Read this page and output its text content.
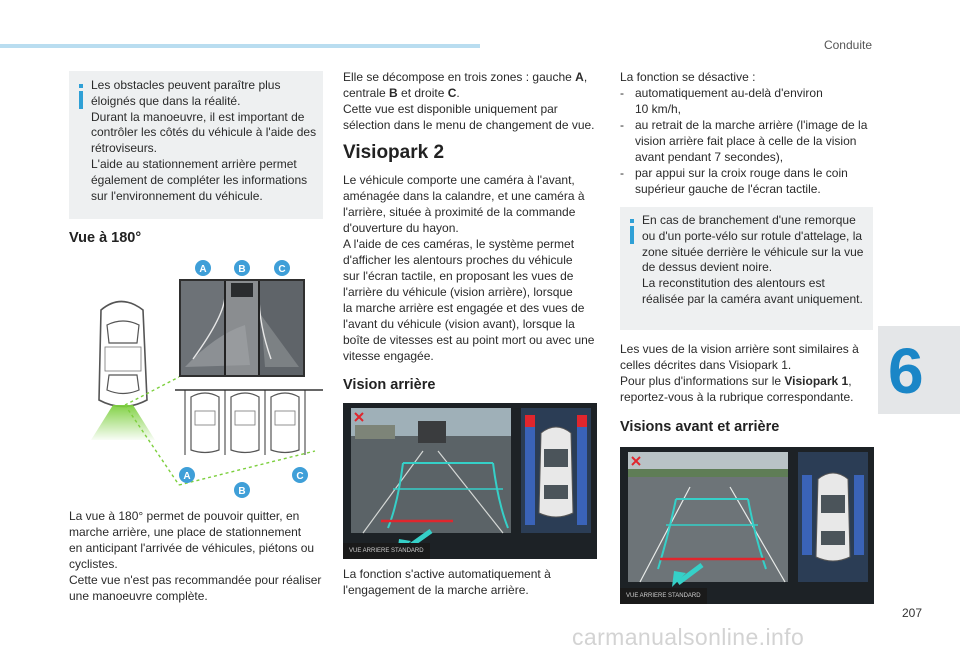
Conduite
Les obstacles peuvent paraître plus
éloignés que dans la réalité.
Durant la manoeuvre, il est important de
contrôler les côtés du véhicule à l'aide des
rétroviseurs.
L'aide au stationnement arrière permet
également de compléter les informations
sur l'environnement du véhicule.
Vue à 180°
A	B	C
A
B
C
La vue à 180° permet de pouvoir quitter, en
marche arrière, une place de stationnement
en anticipant l'arrivée de véhicules, piétons ou
cyclistes.
Cette vue n'est pas recommandée pour réaliser
une manoeuvre complète.
Elle se décompose en trois zones : gauche A,
centrale B et droite C.
Cette vue est disponible uniquement par
sélection dans le menu de changement de vue.
Visiopark 2
Le véhicule comporte une caméra à l'avant,
aménagée dans la calandre, et une caméra à
l'arrière, située à proximité de la commande
d'ouverture du hayon.
A l'aide de ces caméras, le système permet
d'afficher les alentours proches du véhicule
sur l'écran tactile, en proposant les vues de
l'arrière du véhicule (vision arrière), lorsque
la marche arrière est engagée et des vues de
l'avant du véhicule (vision avant), lorsque la
boîte de vitesses est au point mort ou avec une
vitesse engagée.
Vision arrière
VUE ARRIERE STANDARD
La fonction s'active automatiquement à
l'engagement de la marche arrière.
La fonction se désactive :
- automatiquement au-delà d'environ
10 km/h,
- au retrait de la marche arrière (l'image de la
vision arrière fait place à celle de la vision
avant pendant 7 secondes),
- par appui sur la croix rouge dans le coin
supérieur gauche de l'écran tactile.
En cas de branchement d'une remorque
ou d'un porte-vélo sur rotule d'attelage, la
zone située derrière le véhicule sur la vue
de dessus devient noire.
La reconstitution des alentours est
réalisée par la caméra avant uniquement.
Les vues de la vision arrière sont similaires à
celles décrites dans Visiopark 1.
Pour plus d'informations sur le Visiopark 1,
reportez-vous à la rubrique correspondante.
Visions avant et arrière
VUE ARRIERE STANDARD
6
207
carmanualsonline.info
